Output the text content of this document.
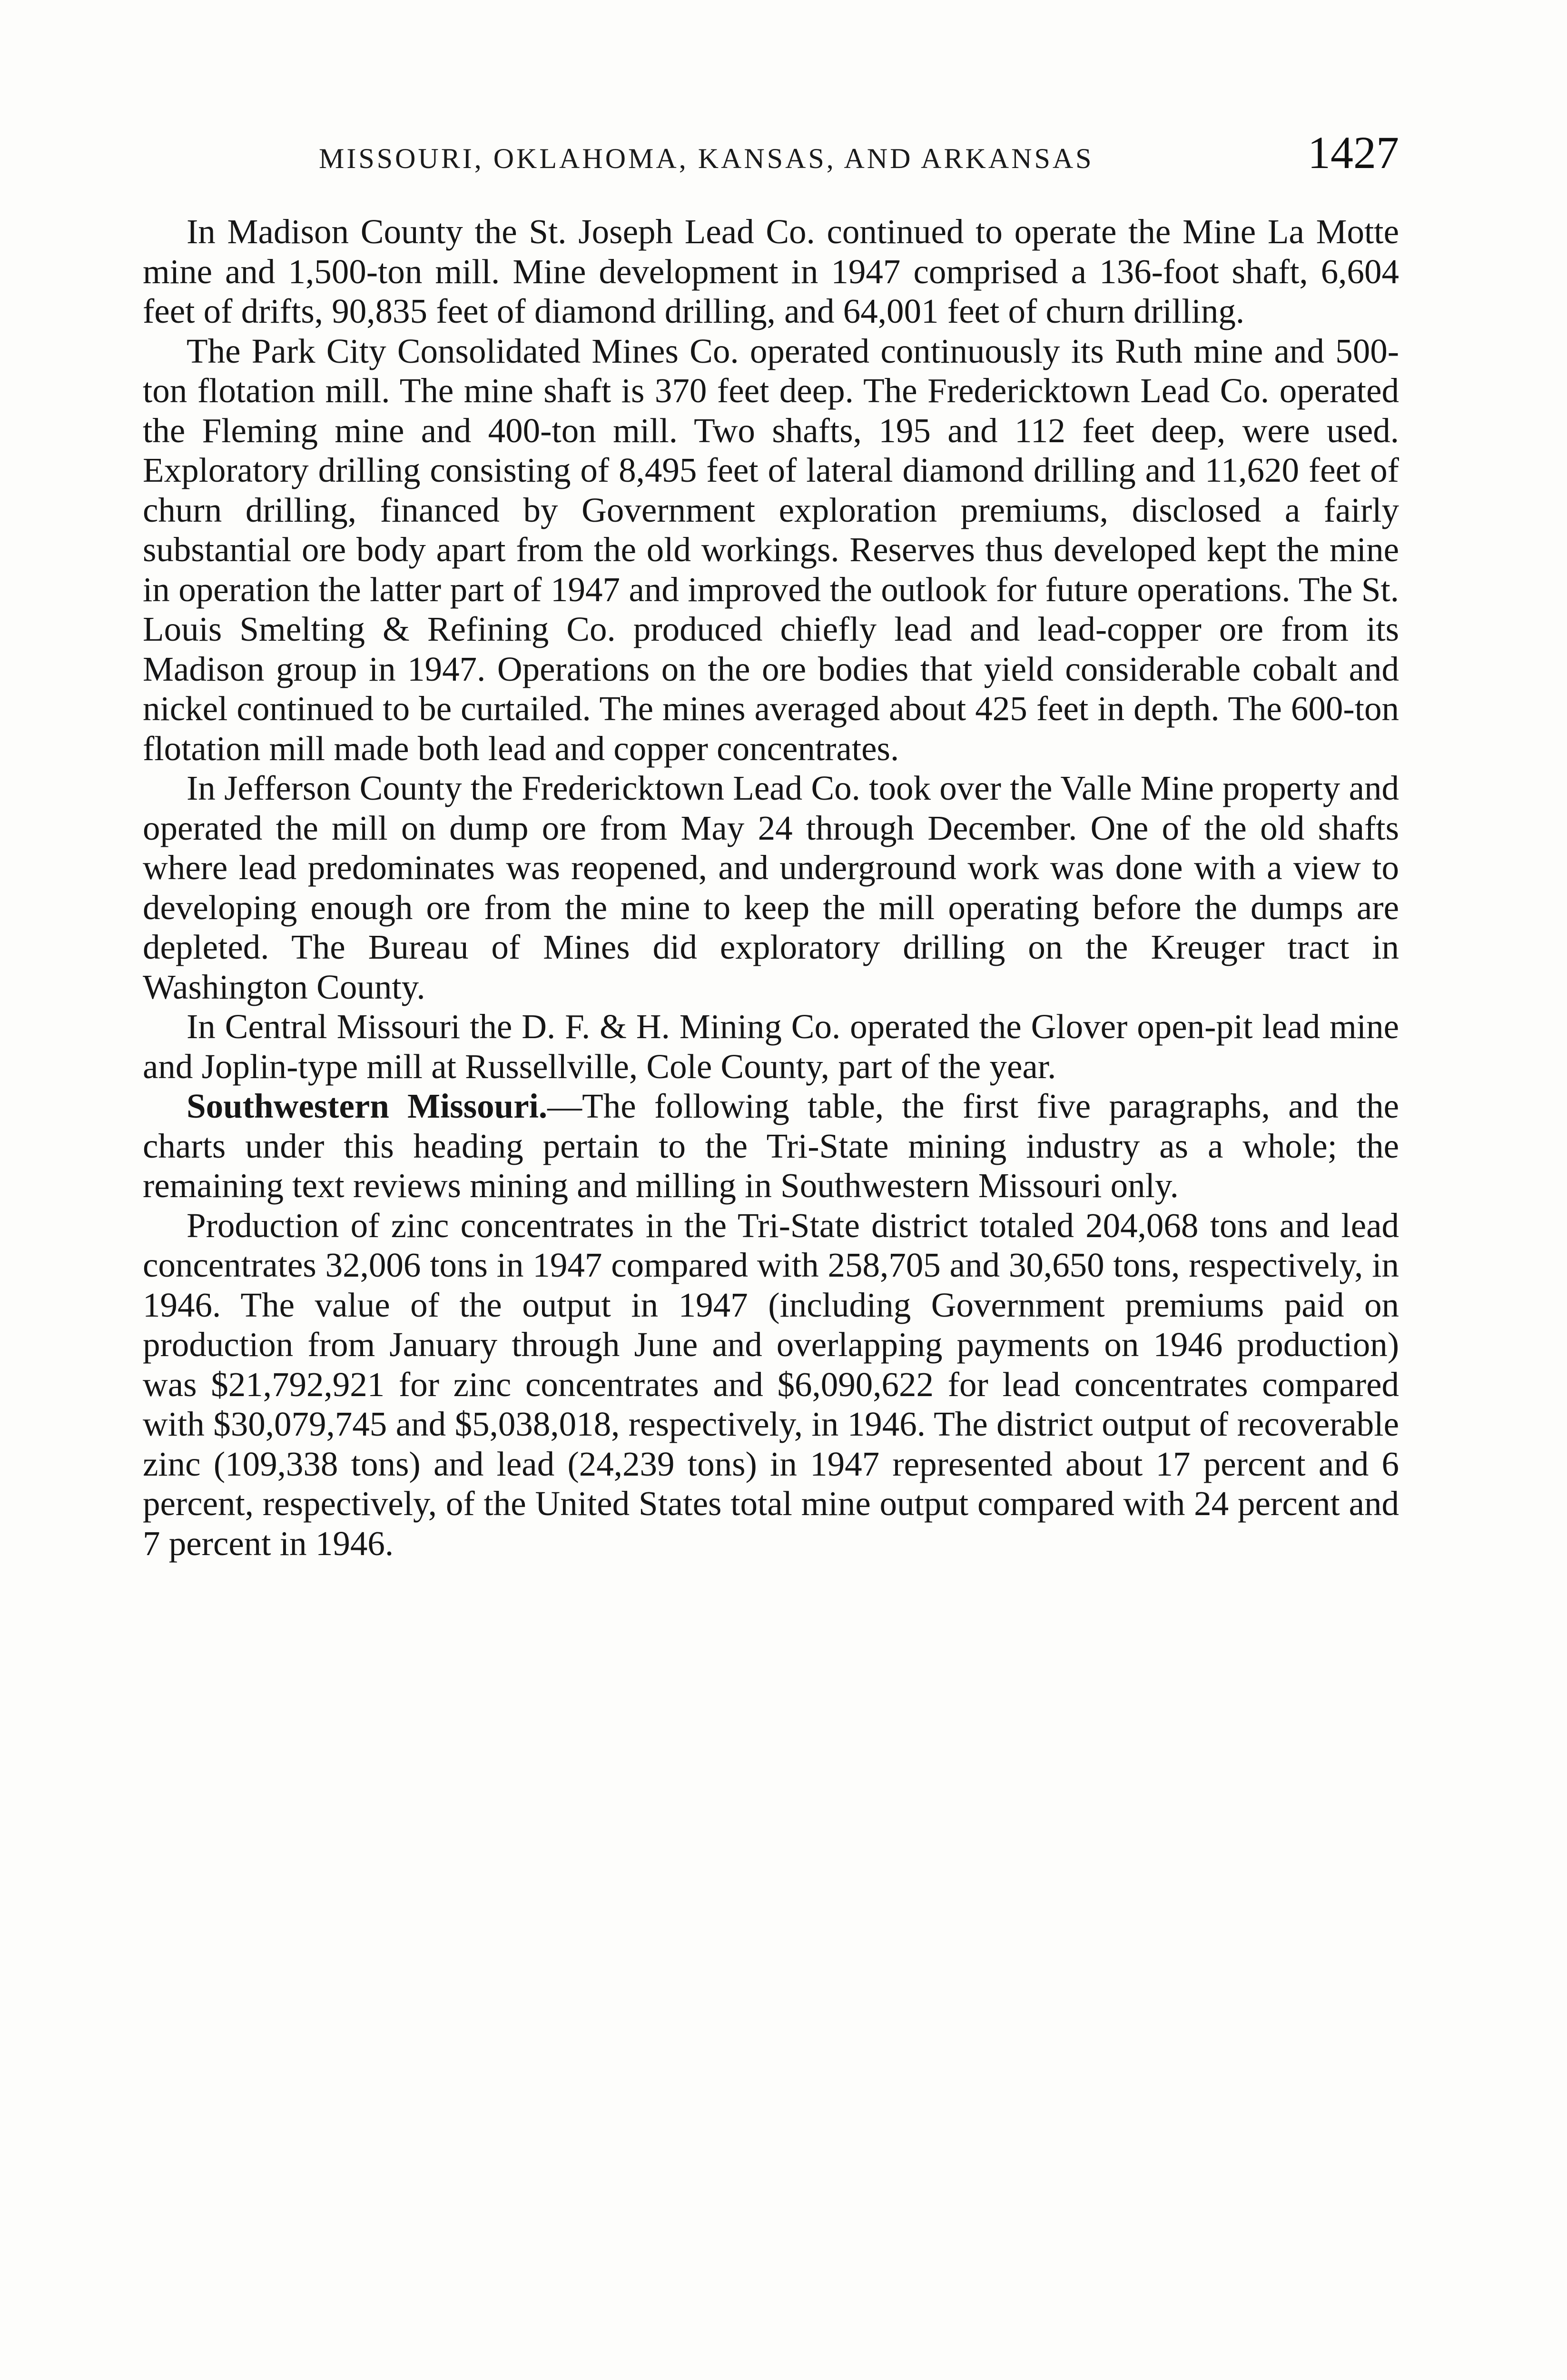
MISSOURI, OKLAHOMA, KANSAS, AND ARKANSAS	1427

In Madison County the St. Joseph Lead Co. continued to operate the Mine La Motte mine and 1,500-ton mill. Mine development in 1947 comprised a 136-foot shaft, 6,604 feet of drifts, 90,835 feet of diamond drilling, and 64,001 feet of churn drilling.

The Park City Consolidated Mines Co. operated continuously its Ruth mine and 500-ton flotation mill. The mine shaft is 370 feet deep. The Fredericktown Lead Co. operated the Fleming mine and 400-ton mill. Two shafts, 195 and 112 feet deep, were used. Exploratory drilling consisting of 8,495 feet of lateral diamond drilling and 11,620 feet of churn drilling, financed by Government exploration premiums, disclosed a fairly substantial ore body apart from the old workings. Reserves thus developed kept the mine in operation the latter part of 1947 and improved the outlook for future operations. The St. Louis Smelting & Refining Co. produced chiefly lead and lead-copper ore from its Madison group in 1947. Operations on the ore bodies that yield considerable cobalt and nickel continued to be curtailed. The mines averaged about 425 feet in depth. The 600-ton flotation mill made both lead and copper concentrates.

In Jefferson County the Fredericktown Lead Co. took over the Valle Mine property and operated the mill on dump ore from May 24 through December. One of the old shafts where lead predominates was reopened, and underground work was done with a view to developing enough ore from the mine to keep the mill operating before the dumps are depleted. The Bureau of Mines did exploratory drilling on the Kreuger tract in Washington County.

In Central Missouri the D. F. & H. Mining Co. operated the Glover open-pit lead mine and Joplin-type mill at Russellville, Cole County, part of the year.

Southwestern Missouri.—The following table, the first five paragraphs, and the charts under this heading pertain to the Tri-State mining industry as a whole; the remaining text reviews mining and milling in Southwestern Missouri only.

Production of zinc concentrates in the Tri-State district totaled 204,068 tons and lead concentrates 32,006 tons in 1947 compared with 258,705 and 30,650 tons, respectively, in 1946. The value of the output in 1947 (including Government premiums paid on production from January through June and overlapping payments on 1946 production) was $21,792,921 for zinc concentrates and $6,090,622 for lead concentrates compared with $30,079,745 and $5,038,018, respectively, in 1946. The district output of recoverable zinc (109,338 tons) and lead (24,239 tons) in 1947 represented about 17 percent and 6 percent, respectively, of the United States total mine output compared with 24 percent and 7 percent in 1946.
